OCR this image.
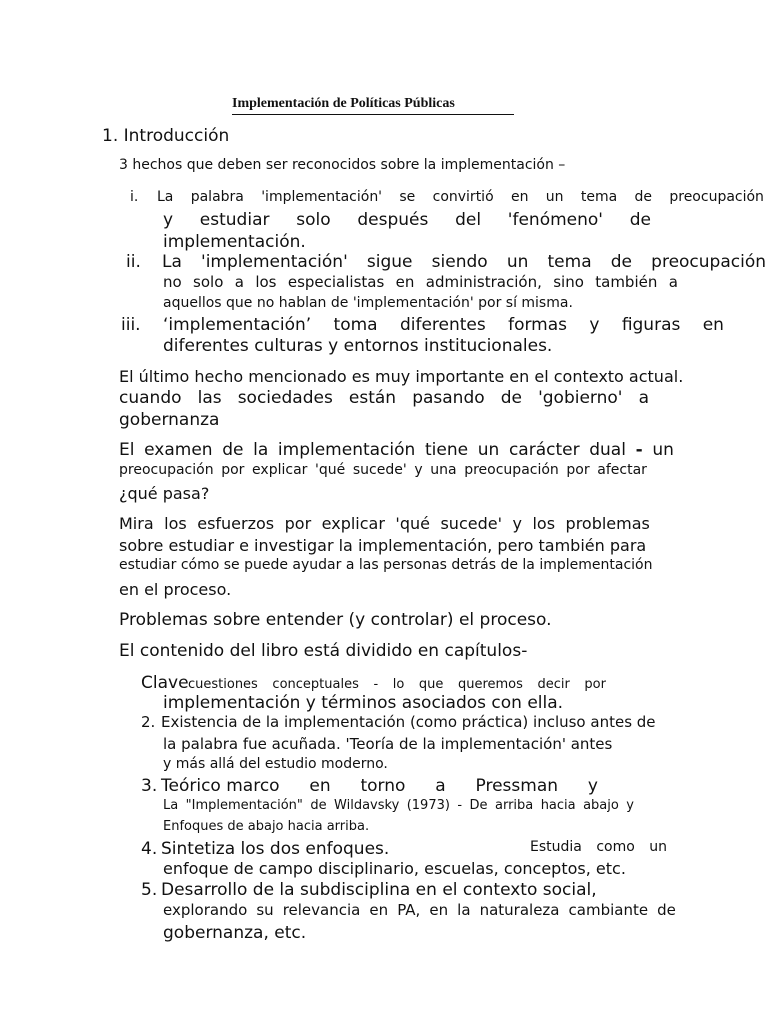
Implementación de Políticas Públicas
1. Introducción
3 hechos que deben ser reconocidos sobre la implementación –
i. La palabra 'implementación' se convirtió en un tema de preocupación
y estudiar solo después del 'fenómeno' de
implementación.
ii. La 'implementación' sigue siendo un tema de preocupación
no solo a los especialistas en administración, sino también a
aquellos que no hablan de 'implementación' por sí misma.
iii. ‘implementación’ toma diferentes formas y figuras en
diferentes culturas y entornos institucionales.
El último hecho mencionado es muy importante en el contexto actual.
cuando las sociedades están pasando de 'gobierno' a
gobernanza
El examen de la implementación tiene un carácter dual - un
preocupación por explicar 'qué sucede' y una preocupación por afectar
¿qué pasa?
Mira los esfuerzos por explicar 'qué sucede' y los problemas
sobre estudiar e investigar la implementación, pero también para
estudiar cómo se puede ayudar a las personas detrás de la implementación
en el proceso.
Problemas sobre entender (y controlar) el proceso.
El contenido del libro está dividido en capítulos-
Clave cuestiones conceptuales - lo que queremos decir por
implementación y términos asociados con ella.
2. Existencia de la implementación (como práctica) incluso antes de
la palabra fue acuñada. 'Teoría de la implementación' antes
y más allá del estudio moderno.
3. Teórico marco en torno a Pressman y
La "Implementación" de Wildavsky (1973) - De arriba hacia abajo y
Enfoques de abajo hacia arriba.
4. Sintetiza los dos enfoques.	Estudia como un
enfoque de campo disciplinario, escuelas, conceptos, etc.
5. Desarrollo de la subdisciplina en el contexto social,
explorando su relevancia en PA, en la naturaleza cambiante de
gobernanza, etc.
